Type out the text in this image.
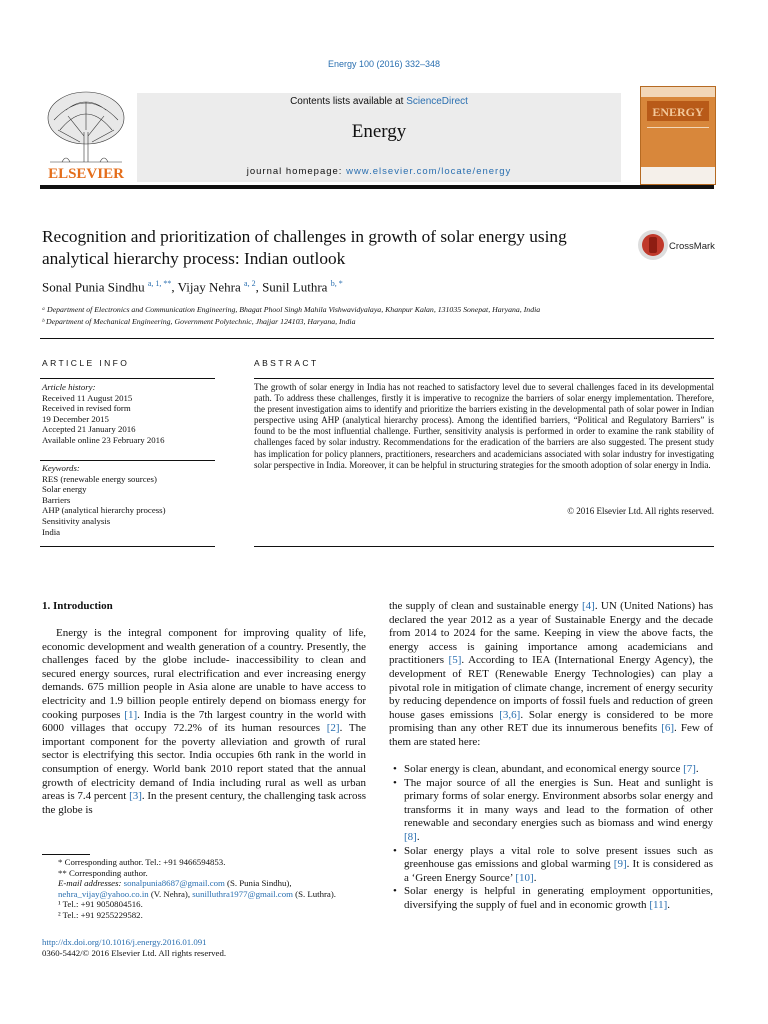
Energy 100 (2016) 332–348
ELSEVIER
Contents lists available at ScienceDirect
Energy
journal homepage: www.elsevier.com/locate/energy
ENERGY
Recognition and prioritization of challenges in growth of solar energy using analytical hierarchy process: Indian outlook
CrossMark
Sonal Punia Sindhu $^{a, 1, **}$, Vijay Nehra $^{a, 2}$, Sunil Luthra $^{b, *}$
ᵃ Department of Electronics and Communication Engineering, Bhagat Phool Singh Mahila Vishwavidyalaya, Khanpur Kalan, 131035 Sonepat, Haryana, India
ᵇ Department of Mechanical Engineering, Government Polytechnic, Jhajjar 124103, Haryana, India
ARTICLE INFO	ABSTRACT
Article history:
Received 11 August 2015
Received in revised form
19 December 2015
Accepted 21 January 2016
Available online 23 February 2016
Keywords:
RES (renewable energy sources)
Solar energy
Barriers
AHP (analytical hierarchy process)
Sensitivity analysis
India
The growth of solar energy in India has not reached to satisfactory level due to several challenges faced in its developmental path. To address these challenges, firstly it is imperative to recognize the barriers of solar energy implementation. Therefore, the present investigation aims to identify and prioritize the barriers existing in the developmental path of solar power in Indian perspective using AHP (analytical hierarchy process). Among the identified barriers, “Political and Regulatory Barriers” is found to be the most influential challenge. Further, sensitivity analysis is performed in order to examine the rank stability of challenges faced by solar industry. Recommendations for the eradication of the barriers are also suggested. The present study has implication for policy planners, practitioners, researchers and academicians associated with solar industry for investigating solar perspective in India. Moreover, it can be helpful in structuring strategies for the smooth adoption of solar energy in India.
© 2016 Elsevier Ltd. All rights reserved.
1. Introduction
Energy is the integral component for improving quality of life, economic development and wealth generation of a country. Presently, the challenges faced by the globe include- inaccessibility to clean and secured energy sources, rural electrification and ever increasing energy demands. 675 million people in Asia alone are unable to have access to electricity and 1.9 billion people entirely depend on biomass energy for cooking purposes [1]. India is the 7th largest country in the world with 6000 villages that occupy 72.2% of its human resources [2]. The important component for the poverty alleviation and growth of rural sector is electrifying this sector. India occupies 6th rank in the world in consumption of energy. World bank 2010 report stated that the annual growth of electricity demand of India including rural as well as urban areas is 7.4 percent [3]. In the present century, the challenging task across the globe is
the supply of clean and sustainable energy [4]. UN (United Nations) has declared the year 2012 as a year of Sustainable Energy and the decade from 2014 to 2024 for the same. Keeping in view the above facts, the energy access is gaining importance among academicians and practitioners [5]. According to IEA (International Energy Agency), the development of RET (Renewable Energy Technologies) can play a pivotal role in mitigation of climate change, increment of energy security by reducing dependence on imports of fossil fuels and reduction of green house gases emissions [3,6]. Solar energy is considered to be more promising than any other RET due its innumerous benefits [6]. Few of them are stated here:
• Solar energy is clean, abundant, and economical energy source [7].
• The major source of all the energies is Sun. Heat and sunlight is primary forms of solar energy. Environment absorbs solar energy and transforms it in many ways and lead to the formation of other renewable and secondary energies such as biomass and wind energy [8].
• Solar energy plays a vital role to solve present issues such as greenhouse gas emissions and global warming [9]. It is considered as a ‘Green Energy Source’ [10].
• Solar energy is helpful in generating employment opportunities, diversifying the supply of fuel and in economic growth [11].
* Corresponding author. Tel.: +91 9466594853.
** Corresponding author.
E-mail addresses: sonalpunia8687@gmail.com (S. Punia Sindhu), nehra_vijay@yahoo.co.in (V. Nehra), sunilluthra1977@gmail.com (S. Luthra).
¹ Tel.: +91 9050804516.
² Tel.: +91 9255229582.
http://dx.doi.org/10.1016/j.energy.2016.01.091
0360-5442/© 2016 Elsevier Ltd. All rights reserved.
